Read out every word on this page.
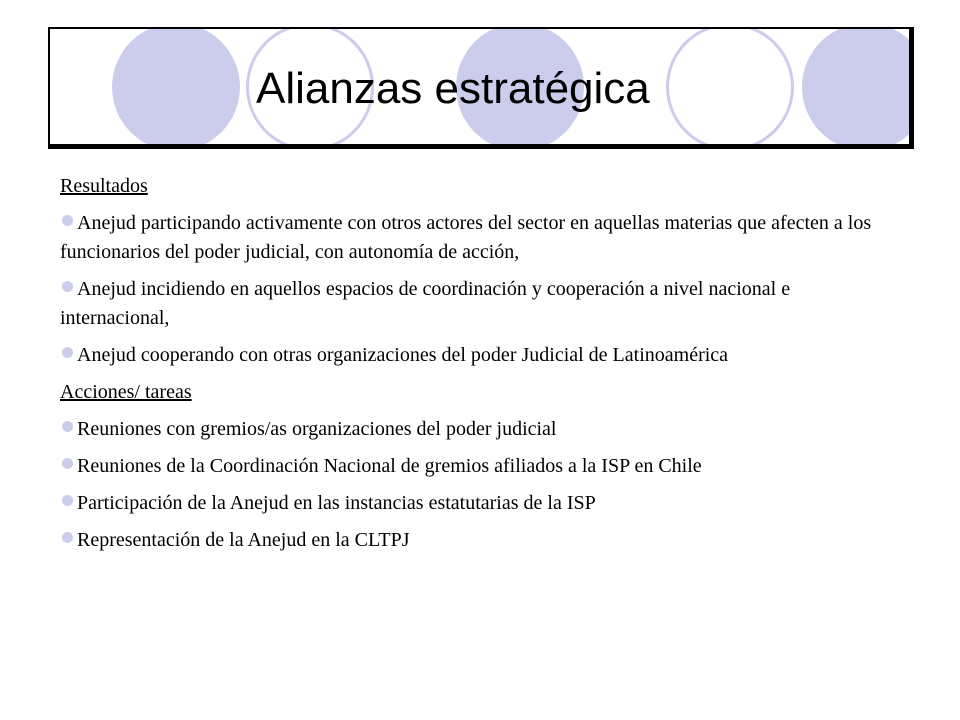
Alianzas estratégica
Resultados
Anejud participando activamente con otros actores del sector en aquellas materias que afecten a los funcionarios del poder judicial, con autonomía de acción,
Anejud incidiendo en aquellos espacios de coordinación y cooperación a nivel nacional e internacional,
Anejud cooperando con otras organizaciones del poder Judicial de Latinoamérica
Acciones/ tareas
Reuniones con gremios/as organizaciones del poder judicial
Reuniones de la Coordinación Nacional de gremios afiliados a la ISP en Chile
Participación de la Anejud en las instancias estatutarias de la ISP
Representación de la Anejud en la CLTPJ
